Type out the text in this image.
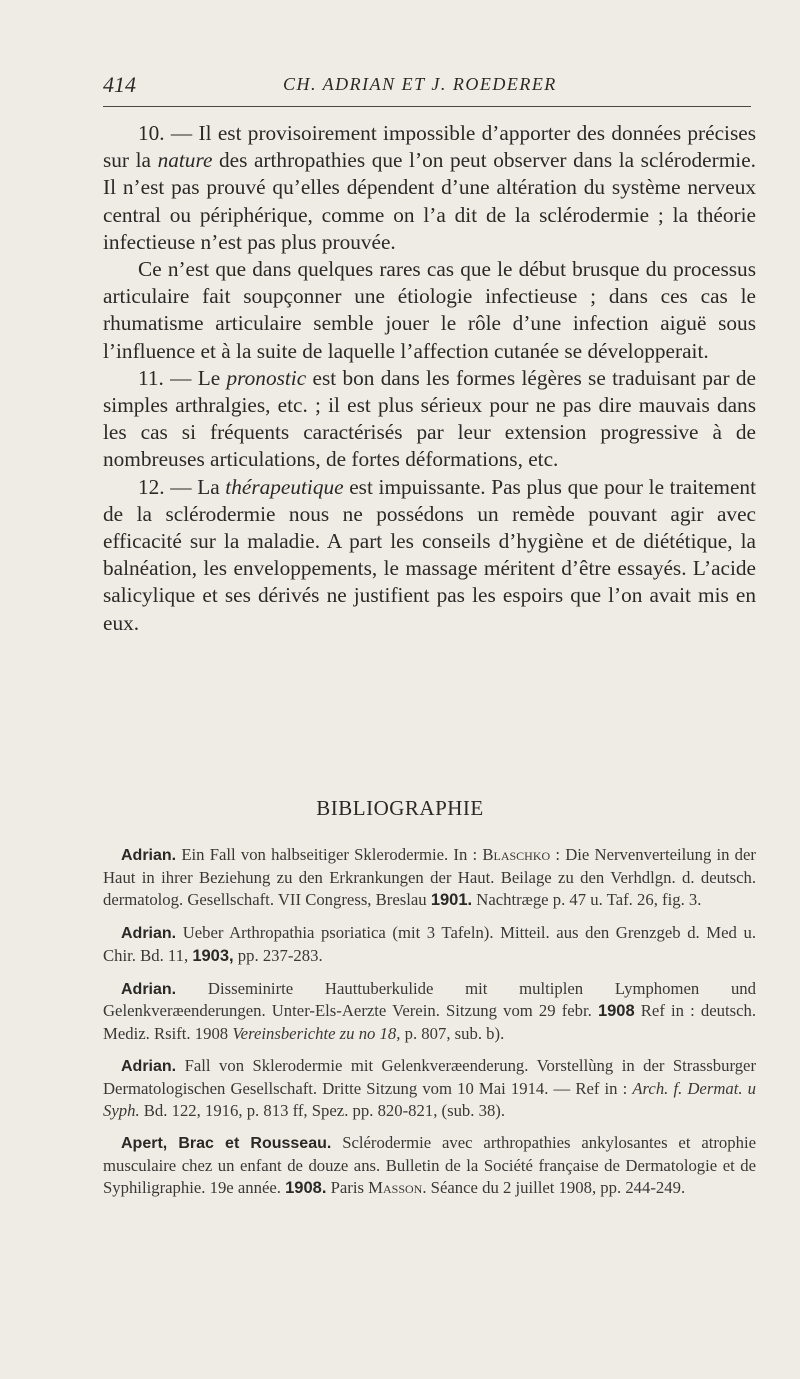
414	CH. ADRIAN ET J. ROEDERER

10. — Il est provisoirement impossible d’apporter des données précises sur la nature des arthropathies que l’on peut observer dans la sclérodermie. Il n’est pas prouvé qu’elles dépendent d’une altération du système nerveux central ou périphérique, comme on l’a dit de la sclérodermie ; la théorie infectieuse n’est pas plus prouvée.

Ce n’est que dans quelques rares cas que le début brusque du processus articulaire fait soupçonner une étiologie infectieuse ; dans ces cas le rhumatisme articulaire semble jouer le rôle d’une infection aiguë sous l’influence et à la suite de laquelle l’affection cutanée se développerait.

11. — Le pronostic est bon dans les formes légères se traduisant par de simples arthralgies, etc. ; il est plus sérieux pour ne pas dire mauvais dans les cas si fréquents caractérisés par leur extension progressive à de nombreuses articulations, de fortes déformations, etc.

12. — La thérapeutique est impuissante. Pas plus que pour le traitement de la sclérodermie nous ne possédons un remède pouvant agir avec efficacité sur la maladie. A part les conseils d’hygiène et de diététique, la balnéation, les enveloppements, le massage méritent d’être essayés. L’acide salicylique et ses dérivés ne justifient pas les espoirs que l’on avait mis en eux.

BIBLIOGRAPHIE

Adrian. Ein Fall von halbseitiger Sklerodermie. In : Blaschko : Die Nervenverteilung in der Haut in ihrer Beziehung zu den Erkrankungen der Haut. Beilage zu den Verhdlgn. d. deutsch. dermatolog. Gesellschaft. VII Congress, Breslau 1901. Nachtræge p. 47 u. Taf. 26, fig. 3.

Adrian. Ueber Arthropathia psoriatica (mit 3 Tafeln). Mitteil. aus den Grenzgeb d. Med u. Chir. Bd. 11, 1903, pp. 237-283.

Adrian. Disseminirte Hauttuberkulide mit multiplen Lymphomen und Gelenkveræenderungen. Unter-Els-Aerzte Verein. Sitzung vom 29 febr. 1908 Ref in : deutsch. Mediz. Rsift. 1908 Vereinsberichte zu no 18, p. 807, sub. b).

Adrian. Fall von Sklerodermie mit Gelenkveræenderung. Vorstellùng in der Strassburger Dermatologischen Gesellschaft. Dritte Sitzung vom 10 Mai 1914. — Ref in : Arch. f. Dermat. u Syph. Bd. 122, 1916, p. 813 ff, Spez. pp. 820-821, (sub. 38).

Apert, Brac et Rousseau. Sclérodermie avec arthropathies ankylosantes et atrophie musculaire chez un enfant de douze ans. Bulletin de la Société française de Dermatologie et de Syphiligraphie. 19e année. 1908. Paris Masson. Séance du 2 juillet 1908, pp. 244-249.
